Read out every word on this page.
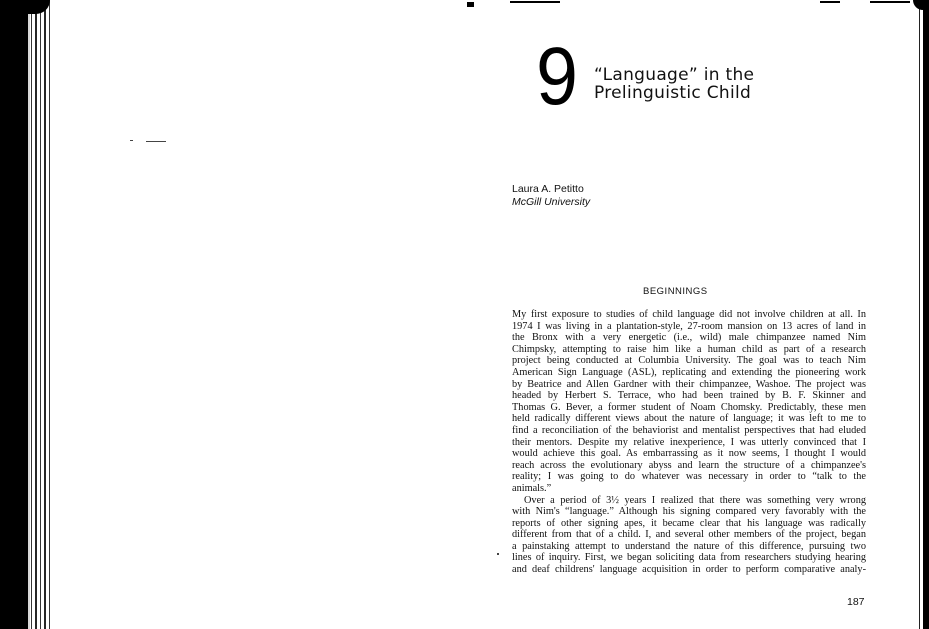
9 “Language” in the
Prelinguistic Child
Laura A. Petitto
McGill University
BEGINNINGS
My first exposure to studies of child language did not involve children at all. In
1974 I was living in a plantation-style, 27-room mansion on 13 acres of land in
the Bronx with a very energetic (i.e., wild) male chimpanzee named Nim
Chimpsky, attempting to raise him like a human child as part of a research
project being conducted at Columbia University. The goal was to teach Nim
American Sign Language (ASL), replicating and extending the pioneering work
by Beatrice and Allen Gardner with their chimpanzee, Washoe. The project was
headed by Herbert S. Terrace, who had been trained by B. F. Skinner and
Thomas G. Bever, a former student of Noam Chomsky. Predictably, these men
held radically different views about the nature of language; it was left to me to
find a reconciliation of the behaviorist and mentalist perspectives that had eluded
their mentors. Despite my relative inexperience, I was utterly convinced that I
would achieve this goal. As embarrassing as it now seems, I thought I would
reach across the evolutionary abyss and learn the structure of a chimpanzee's
reality; I was going to do whatever was necessary in order to “talk to the
animals.”
Over a period of 3½ years I realized that there was something very wrong
with Nim's “language.” Although his signing compared very favorably with the
reports of other signing apes, it became clear that his language was radically
different from that of a child. I, and several other members of the project, began
a painstaking attempt to understand the nature of this difference, pursuing two
lines of inquiry. First, we began soliciting data from researchers studying hearing
and deaf childrens' language acquisition in order to perform comparative analy-
187
